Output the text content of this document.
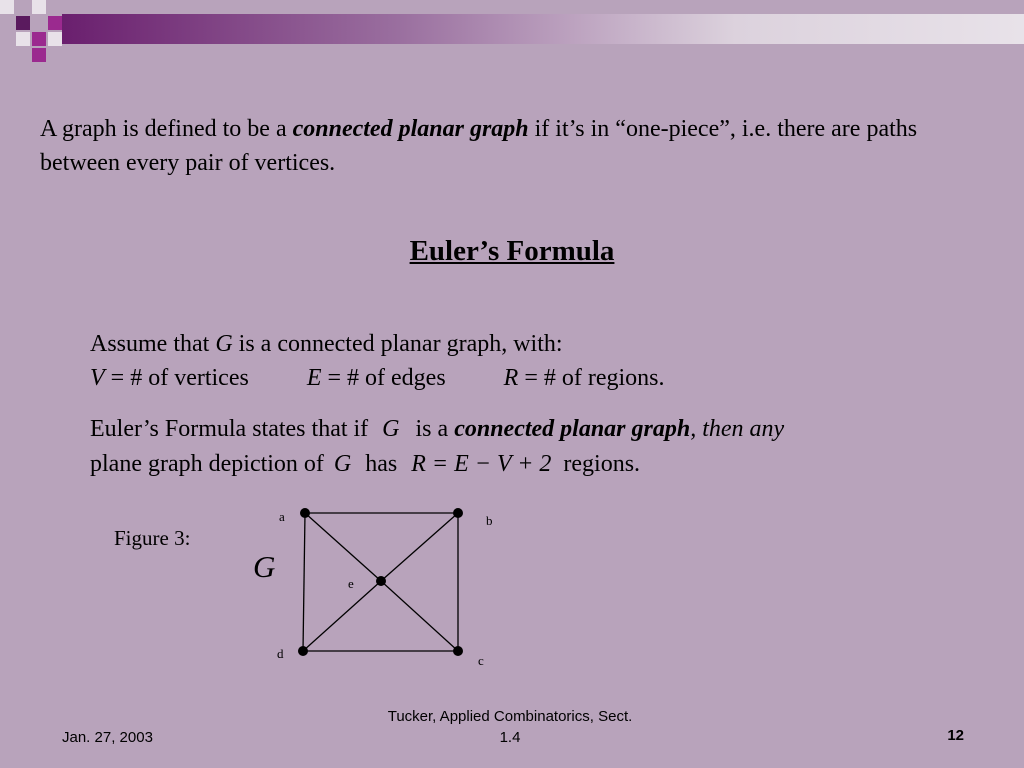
A graph is defined to be a connected planar graph if it’s in “one-piece”, i.e. there are paths between every pair of vertices.

Euler’s Formula

Assume that G is a connected planar graph, with:

V = # of vertices E = # of edges R = # of regions.

Euler’s Formula states that if G is a connected planar graph, then any

plane graph depiction of G has R = E − V + 2 regions.

Figure 3:
G
a	b
c
d
e
Jan. 27, 2003
Tucker, Applied Combinatorics, Sect.
1.4	12
